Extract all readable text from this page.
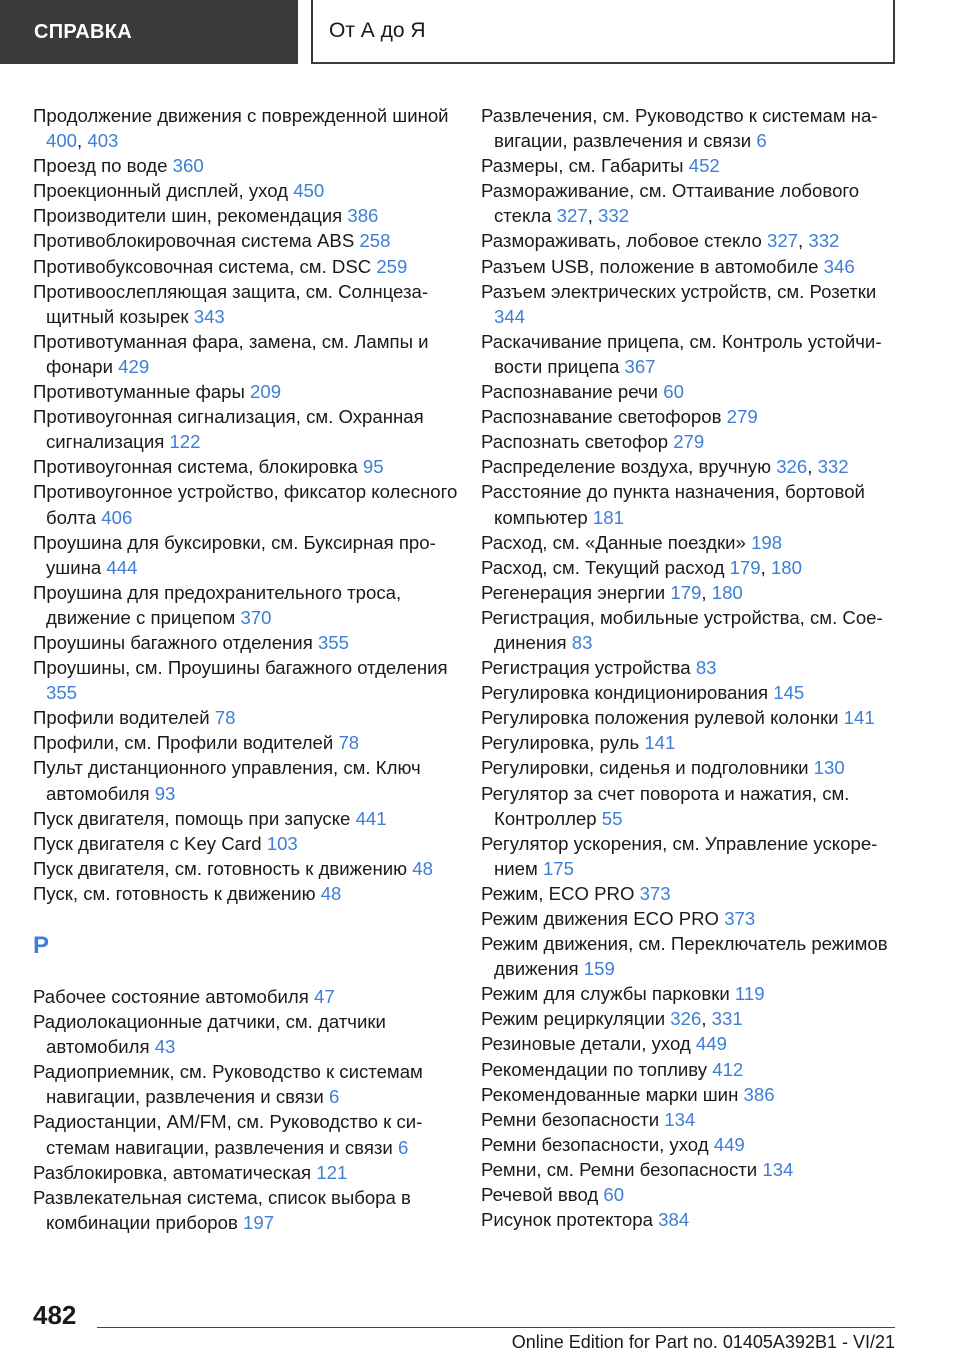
СПРАВКА	От А до Я
Продолжение движения с поврежденной шиной 400, 403
Проезд по воде 360
Проекционный дисплей, уход 450
Производители шин, рекомендация 386
Противоблокировочная система ABS 258
Противобуксовочная система, см. DSC 259
Противоослепляющая защита, см. Солнцезащитный козырек 343
Противотуманная фара, замена, см. Лампы и фонари 429
Противотуманные фары 209
Противоугонная сигнализация, см. Охранная сигнализация 122
Противоугонная система, блокировка 95
Противоугонное устройство, фиксатор колесного болта 406
Проушина для буксировки, см. Буксирная проушина 444
Проушина для предохранительного троса, движение с прицепом 370
Проушины багажного отделения 355
Проушины, см. Проушины багажного отделения 355
Профили водителей 78
Профили, см. Профили водителей 78
Пульт дистанционного управления, см. Ключ автомобиля 93
Пуск двигателя, помощь при запуске 441
Пуск двигателя с Key Card 103
Пуск двигателя, см. готовность к движению 48
Пуск, см. готовность к движению 48
Р
Рабочее состояние автомобиля 47
Радиолокационные датчики, см. датчики автомобиля 43
Радиоприемник, см. Руководство к системам навигации, развлечения и связи 6
Радиостанции, AM/FM, см. Руководство к системам навигации, развлечения и связи 6
Разблокировка, автоматическая 121
Развлекательная система, список выбора в комбинации приборов 197
Развлечения, см. Руководство к системам навигации, развлечения и связи 6
Размеры, см. Габариты 452
Размораживание, см. Оттаивание лобового стекла 327, 332
Размораживать, лобовое стекло 327, 332
Разъем USB, положение в автомобиле 346
Разъем электрических устройств, см. Розетки 344
Раскачивание прицепа, см. Контроль устойчивости прицепа 367
Распознавание речи 60
Распознавание светофоров 279
Распознать светофор 279
Распределение воздуха, вручную 326, 332
Расстояние до пункта назначения, бортовой компьютер 181
Расход, см. «Данные поездки» 198
Расход, см. Текущий расход 179, 180
Регенерация энергии 179, 180
Регистрация, мобильные устройства, см. Соединения 83
Регистрация устройства 83
Регулировка кондиционирования 145
Регулировка положения рулевой колонки 141
Регулировка, руль 141
Регулировки, сиденья и подголовники 130
Регулятор за счет поворота и нажатия, см. Контроллер 55
Регулятор ускорения, см. Управление ускорением 175
Режим, ECO PRO 373
Режим движения ECO PRO 373
Режим движения, см. Переключатель режимов движения 159
Режим для службы парковки 119
Режим рециркуляции 326, 331
Резиновые детали, уход 449
Рекомендации по топливу 412
Рекомендованные марки шин 386
Ремни безопасности 134
Ремни безопасности, уход 449
Ремни, см. Ремни безопасности 134
Речевой ввод 60
Рисунок протектора 384
482
Online Edition for Part no. 01405A392B1 - VI/21
